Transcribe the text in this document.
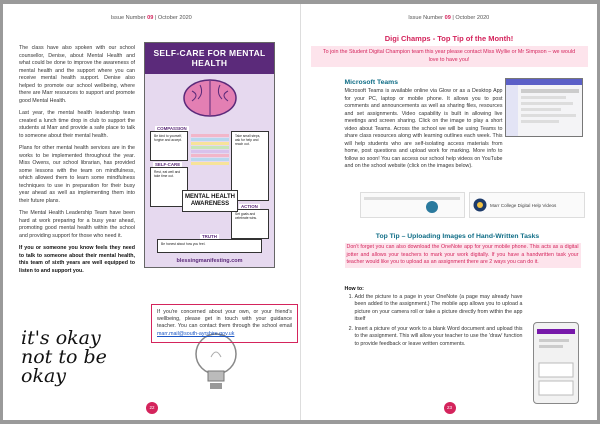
Issue Number 09 | October 2020

The class have also spoken with our school counsellor, Denise, about Mental Health and what could be done to improve the awareness of mental health and the support where you can receive mental health support. Denise also helped to promote our school wellbeing, where there are Marr resources to support and promote good Mental Health.

Last year, the mental health leadership team created a lunch time drop in club to support the students at Marr and provide a safe place to talk to someone about their mental health.

Plans for other mental health services are in the works to be implemented throughout the year. Miss Owens, our school librarian, has provided some lessons with the team on mindfulness, which allowed them to learn some mindfulness techniques to use in preparation for their busy year ahead as well as implementing them into their future plans.

The Mental Health Leadership Team have been hard at work preparing for a busy year ahead, promoting good mental health within the school and providing support for those who need it.

If you or someone you know feels they need to talk to someone about their mental health, this team of sixth years are well equipped to listen to and support you.

SELF-CARE FOR MENTAL HEALTH
Be kind to yourself, forgive and accept.
COMPASSION
Rest, eat well and take time out.
SELF-CARE
Take small steps, ask for help and reach out.
Set goals and celebrate wins.
ACTION
Be honest about how you feel.
TRUTH
MENTAL HEALTH AWARENESS
blessingmanifesting.com
it's okay not to be okay
If you're concerned about your own, or your friend's wellbeing, please get in touch with your guidance teacher. You can contact them through the school email marr.mail@south-ayrshire.gov.uk
22
Issue Number 09 | October 2020
Digi Champs - Top Tip of the Month!
To join the Student Digital Champion team this year please contact Miss Wyllie or Mr Simpson – we would love to have you!
Microsoft Teams
Microsoft Teams is available online via Glow or as a Desktop App for your PC, laptop or mobile phone. It allows you to post comments and announcements as well as sharing files, resources and set assignments. Video capability is built in allowing live meetings and screen sharing. Click on the image to play a short video about Teams. Across the school we will be using Teams to share class resources along with learning outlines each week. This will help students who are self-isolating access materials from home, post questions and upload work for marking. More info to follow so soon! You can access our school help videos on YouTube and on the school website (click on the images below).
Marr College Digital Help Videos
Top Tip – Uploading Images of Hand-Written Tasks
Don't forget you can also download the OneNote app for your mobile phone. This acts as a digital jotter and allows your teachers to mark your work digitally. If you have a handwritten task your teacher would like you to upload as an assignment there are 2 ways you can do it.
How to:
1. Add the picture to a page in your OneNote (a page may already have been added to the assignment.) The mobile app allows you to upload a picture on your camera roll or take a picture directly from within the app itself
2. Insert a picture of your work to a blank Word document and upload this to the assignment. This will allow your teacher to use the 'draw' function to provide feedback or leave written comments.
23
